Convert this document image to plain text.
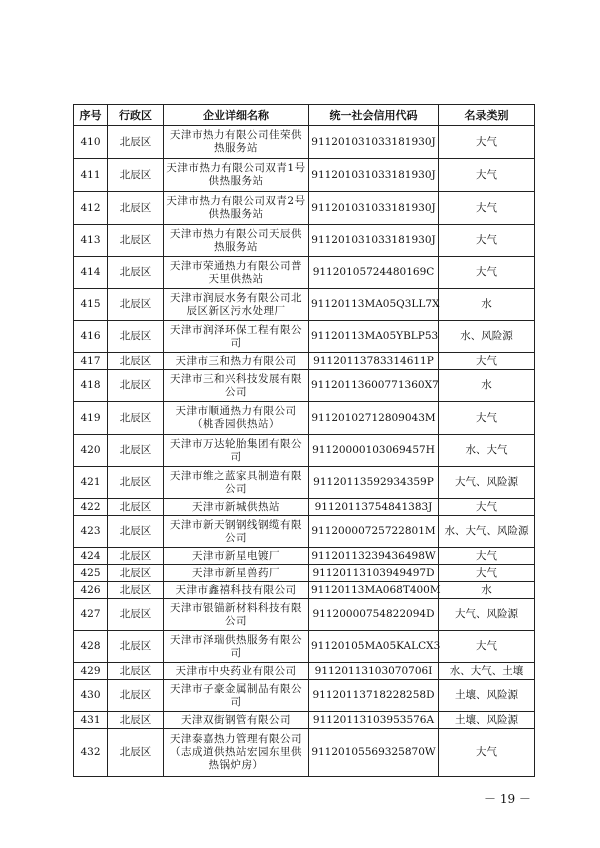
序号	行政区	企业详细名称	统一社会信用代码	名录类别
410	北辰区	天津市热力有限公司佳荣供热服务站	911201031033181930J	大气
411	北辰区	天津市热力有限公司双青1号供热服务站	911201031033181930J	大气
412	北辰区	天津市热力有限公司双青2号供热服务站	911201031033181930J	大气
413	北辰区	天津市热力有限公司天辰供热服务站	911201031033181930J	大气
414	北辰区	天津市荣通热力有限公司普天里供热站	91120105724480169C	大气
415	北辰区	天津市润辰水务有限公司北辰区新区污水处理厂	91120113MA05Q3LL7X	水
416	北辰区	天津市润泽环保工程有限公司	91120113MA05YBLP53	水、风险源
417	北辰区	天津市三和热力有限公司	91120113783314611P	大气
418	北辰区	天津市三和兴科技发展有限公司	91120113600771360X7	水
419	北辰区	天津市顺通热力有限公司（桃香园供热站）	91120102712809043M	大气
420	北辰区	天津市万达轮胎集团有限公司	91120000103069457H	水、大气
421	北辰区	天津市维之蓝家具制造有限公司	91120113592934359P	大气、风险源
422	北辰区	天津市新城供热站	91120113754841383J	大气
423	北辰区	天津市新天钢钢线钢缆有限公司	91120000725722801M	水、大气、风险源
424	北辰区	天津市新星电镀厂	91120113239436498W	大气
425	北辰区	天津市新星兽药厂	91120113103949497D	大气
426	北辰区	天津市鑫禧科技有限公司	91120113MA068T400M	水
427	北辰区	天津市银锚新材料科技有限公司	91120000754822094D	大气、风险源
428	北辰区	天津市泽瑞供热服务有限公司	91120105MA05KALCX3	大气
429	北辰区	天津市中央药业有限公司	91120113103070706I	水、大气、土壤
430	北辰区	天津市子豪金属制品有限公司	91120113718228258D	土壤、风险源
431	北辰区	天津双街钢管有限公司	91120113103953576A	土壤、风险源
432	北辰区	天津泰嘉热力管理有限公司（志成道供热站宏园东里供热锅炉房）	91120105569325870W	大气
－ 19 －
